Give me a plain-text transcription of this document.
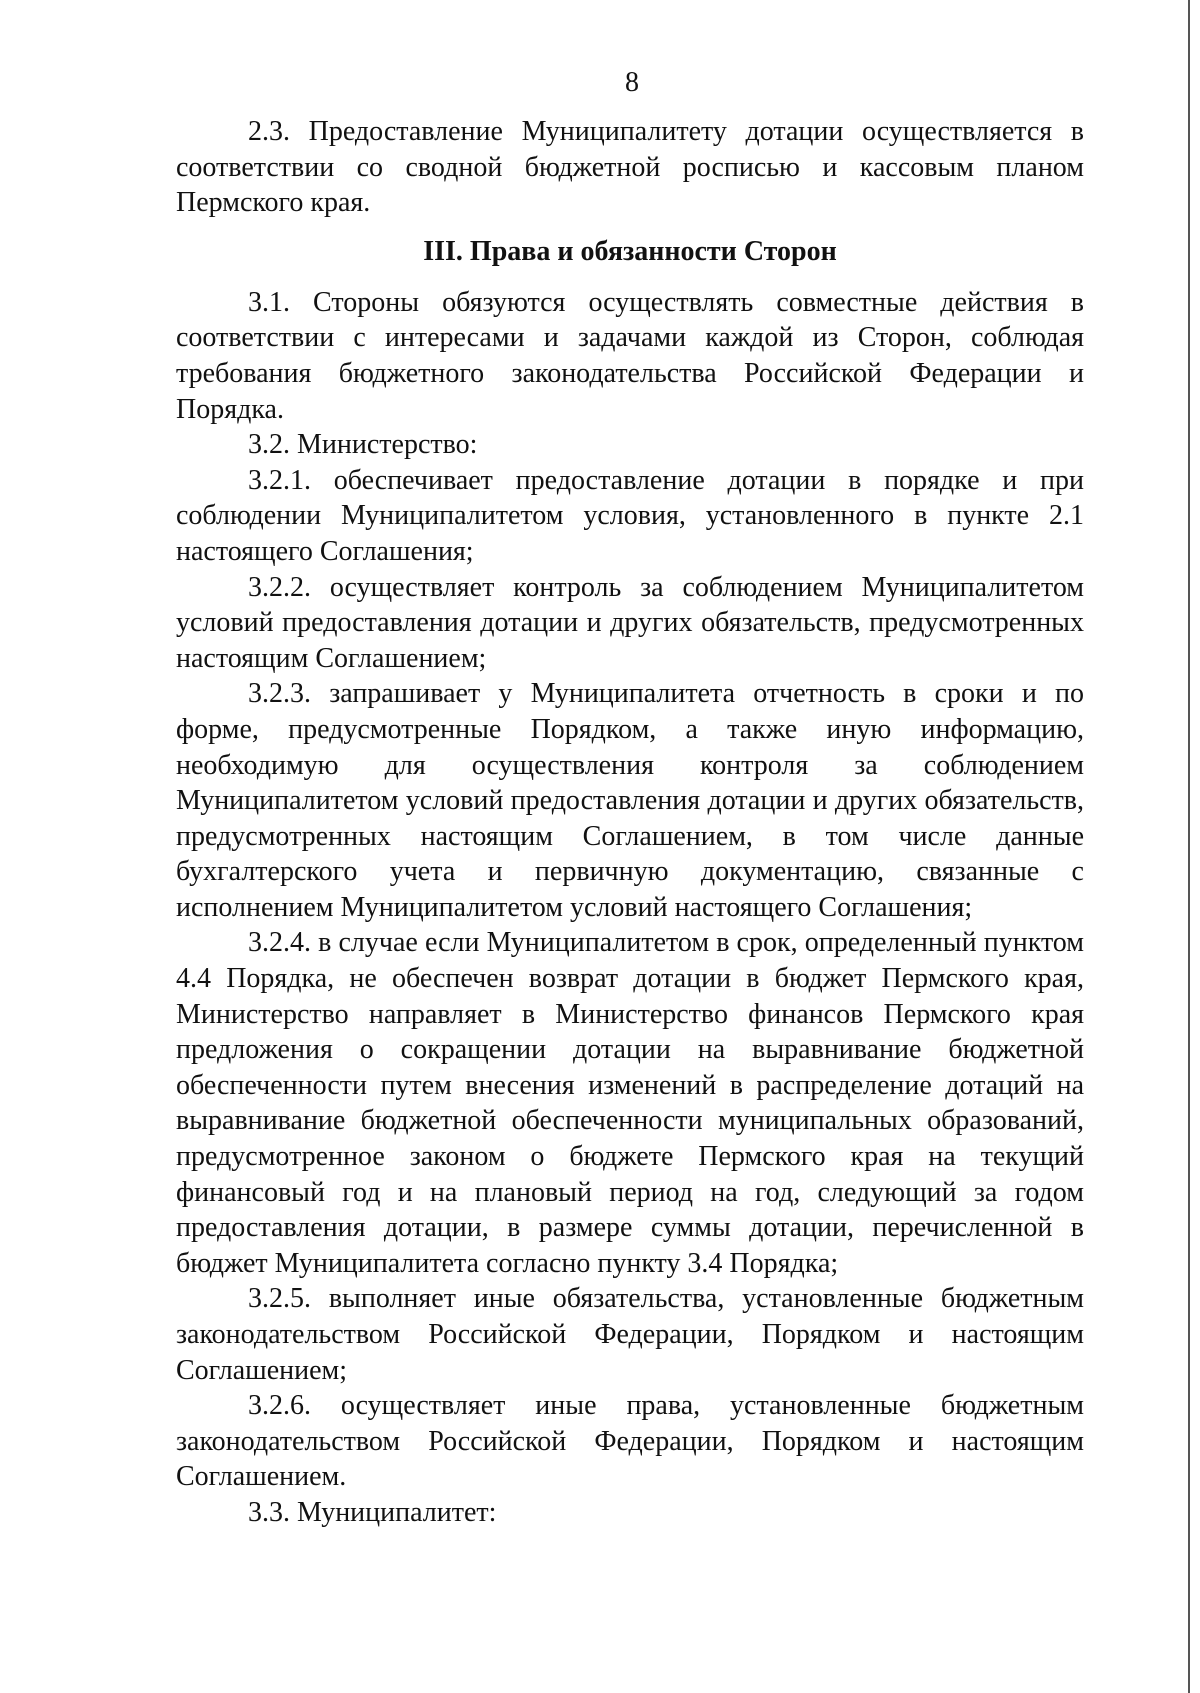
8

2.3. Предоставление Муниципалитету дотации осуществляется в соответствии со сводной бюджетной росписью и кассовым планом Пермского края.

III. Права и обязанности Сторон

3.1. Стороны обязуются осуществлять совместные действия в соответствии с интересами и задачами каждой из Сторон, соблюдая требования бюджетного законодательства Российской Федерации и Порядка.

3.2. Министерство:

3.2.1. обеспечивает предоставление дотации в порядке и при соблюдении Муниципалитетом условия, установленного в пункте 2.1 настоящего Соглашения;

3.2.2. осуществляет контроль за соблюдением Муниципалитетом условий предоставления дотации и других обязательств, предусмотренных настоящим Соглашением;

3.2.3. запрашивает у Муниципалитета отчетность в сроки и по форме, предусмотренные Порядком, а также иную информацию, необходимую для осуществления контроля за соблюдением Муниципалитетом условий предоставления дотации и других обязательств, предусмотренных настоящим Соглашением, в том числе данные бухгалтерского учета и первичную документацию, связанные с исполнением Муниципалитетом условий настоящего Соглашения;

3.2.4. в случае если Муниципалитетом в срок, определенный пунктом 4.4 Порядка, не обеспечен возврат дотации в бюджет Пермского края, Министерство направляет в Министерство финансов Пермского края предложения о сокращении дотации на выравнивание бюджетной обеспеченности путем внесения изменений в распределение дотаций на выравнивание бюджетной обеспеченности муниципальных образований, предусмотренное законом о бюджете Пермского края на текущий финансовый год и на плановый период на год, следующий за годом предоставления дотации, в размере суммы дотации, перечисленной в бюджет Муниципалитета согласно пункту 3.4 Порядка;

3.2.5. выполняет иные обязательства, установленные бюджетным законодательством Российской Федерации, Порядком и настоящим Соглашением;

3.2.6. осуществляет иные права, установленные бюджетным законодательством Российской Федерации, Порядком и настоящим Соглашением.

3.3. Муниципалитет:
